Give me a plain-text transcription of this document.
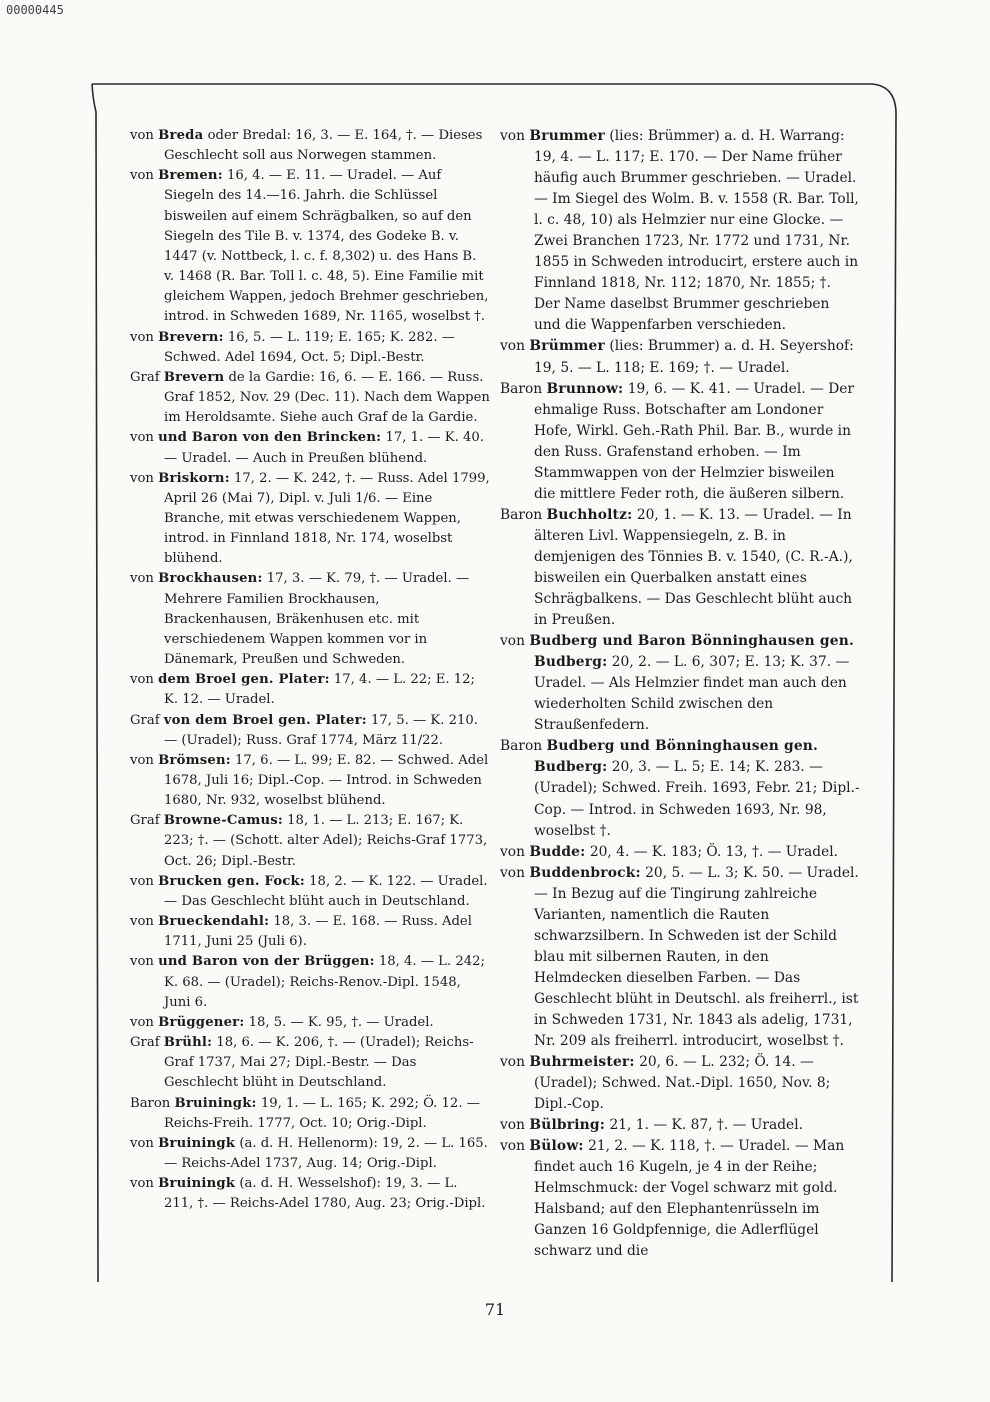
00000445

von Breda oder Bredal: 16, 3. — E. 164, †. — Dieses Geschlecht soll aus Norwegen stammen.

von Bremen: 16, 4. — E. 11. — Uradel. — Auf Siegeln des 14.—16. Jahrh. die Schlüssel bisweilen auf einem Schrägbalken, so auf den Siegeln des Tile B. v. 1374, des Godeke B. v. 1447 (v. Nottbeck, l. c. f. 8,302) u. des Hans B. v. 1468 (R. Bar. Toll l. c. 48, 5). Eine Familie mit gleichem Wappen, jedoch Brehmer geschrieben, introd. in Schweden 1689, Nr. 1165, woselbst †.

von Brevern: 16, 5. — L. 119; E. 165; K. 282. — Schwed. Adel 1694, Oct. 5; Dipl.-Bestr.

Graf Brevern de la Gardie: 16, 6. — E. 166. — Russ. Graf 1852, Nov. 29 (Dec. 11). Nach dem Wappen im Heroldsamte. Siehe auch Graf de la Gardie.

von und Baron von den Brincken: 17, 1. — K. 40. — Uradel. — Auch in Preußen blühend.

von Briskorn: 17, 2. — K. 242, †. — Russ. Adel 1799, April 26 (Mai 7), Dipl. v. Juli 1/6. — Eine Branche, mit etwas verschiedenem Wappen, introd. in Finnland 1818, Nr. 174, woselbst blühend.

von Brockhausen: 17, 3. — K. 79, †. — Uradel. — Mehrere Familien Brockhausen, Brackenhausen, Bräkenhusen etc. mit verschiedenem Wappen kommen vor in Dänemark, Preußen und Schweden.

von dem Broel gen. Plater: 17, 4. — L. 22; E. 12; K. 12. — Uradel.

Graf von dem Broel gen. Plater: 17, 5. — K. 210. — (Uradel); Russ. Graf 1774, März 11/22.

von Brömsen: 17, 6. — L. 99; E. 82. — Schwed. Adel 1678, Juli 16; Dipl.-Cop. — Introd. in Schweden 1680, Nr. 932, woselbst blühend.

Graf Browne-Camus: 18, 1. — L. 213; E. 167; K. 223; †. — (Schott. alter Adel); Reichs-Graf 1773, Oct. 26; Dipl.-Bestr.

von Brucken gen. Fock: 18, 2. — K. 122. — Uradel. — Das Geschlecht blüht auch in Deutschland.

von Brueckendahl: 18, 3. — E. 168. — Russ. Adel 1711, Juni 25 (Juli 6).

von und Baron von der Brüggen: 18, 4. — L. 242; K. 68. — (Uradel); Reichs-Renov.-Dipl. 1548, Juni 6.

von Brüggener: 18, 5. — K. 95, †. — Uradel.

Graf Brühl: 18, 6. — K. 206, †. — (Uradel); Reichs-Graf 1737, Mai 27; Dipl.-Bestr. — Das Geschlecht blüht in Deutschland.

Baron Bruiningk: 19, 1. — L. 165; K. 292; Ö. 12. — Reichs-Freih. 1777, Oct. 10; Orig.-Dipl.

von Bruiningk (a. d. H. Hellenorm): 19, 2. — L. 165. — Reichs-Adel 1737, Aug. 14; Orig.-Dipl.

von Bruiningk (a. d. H. Wesselshof): 19, 3. — L. 211, †. — Reichs-Adel 1780, Aug. 23; Orig.-Dipl.

von Brummer (lies: Brümmer) a. d. H. Warrang: 19, 4. — L. 117; E. 170. — Der Name früher häufig auch Brummer geschrieben. — Uradel. — Im Siegel des Wolm. B. v. 1558 (R. Bar. Toll, l. c. 48, 10) als Helmzier nur eine Glocke. — Zwei Branchen 1723, Nr. 1772 und 1731, Nr. 1855 in Schweden introducirt, erstere auch in Finnland 1818, Nr. 112; 1870, Nr. 1855; †. Der Name daselbst Brummer geschrieben und die Wappenfarben verschieden.

von Brümmer (lies: Brummer) a. d. H. Seyershof: 19, 5. — L. 118; E. 169; †. — Uradel.

Baron Brunnow: 19, 6. — K. 41. — Uradel. — Der ehmalige Russ. Botschafter am Londoner Hofe, Wirkl. Geh.-Rath Phil. Bar. B., wurde in den Russ. Grafenstand erhoben. — Im Stammwappen von der Helmzier bisweilen die mittlere Feder roth, die äußeren silbern.

Baron Buchholtz: 20, 1. — K. 13. — Uradel. — In älteren Livl. Wappensiegeln, z. B. in demjenigen des Tönnies B. v. 1540, (C. R.-A.), bisweilen ein Querbalken anstatt eines Schrägbalkens. — Das Geschlecht blüht auch in Preußen.

von Budberg und Baron Bönninghausen gen. Budberg: 20, 2. — L. 6, 307; E. 13; K. 37. — Uradel. — Als Helmzier findet man auch den wiederholten Schild zwischen den Straußenfedern.

Baron Budberg und Bönninghausen gen. Budberg: 20, 3. — L. 5; E. 14; K. 283. — (Uradel); Schwed. Freih. 1693, Febr. 21; Dipl.-Cop. — Introd. in Schweden 1693, Nr. 98, woselbst †.

von Budde: 20, 4. — K. 183; Ö. 13, †. — Uradel.

von Buddenbrock: 20, 5. — L. 3; K. 50. — Uradel. — In Bezug auf die Tingirung zahlreiche Varianten, namentlich die Rauten schwarzsilbern. In Schweden ist der Schild blau mit silbernen Rauten, in den Helmdecken dieselben Farben. — Das Geschlecht blüht in Deutschl. als freiherrl., ist in Schweden 1731, Nr. 1843 als adelig, 1731, Nr. 209 als freiherrl. introducirt, woselbst †.

von Buhrmeister: 20, 6. — L. 232; Ö. 14. — (Uradel); Schwed. Nat.-Dipl. 1650, Nov. 8; Dipl.-Cop.

von Bülbring: 21, 1. — K. 87, †. — Uradel.

von Bülow: 21, 2. — K. 118, †. — Uradel. — Man findet auch 16 Kugeln, je 4 in der Reihe; Helmschmuck: der Vogel schwarz mit gold. Halsband; auf den Elephantenrüsseln im Ganzen 16 Goldpfennige, die Adlerflügel schwarz und die

71
